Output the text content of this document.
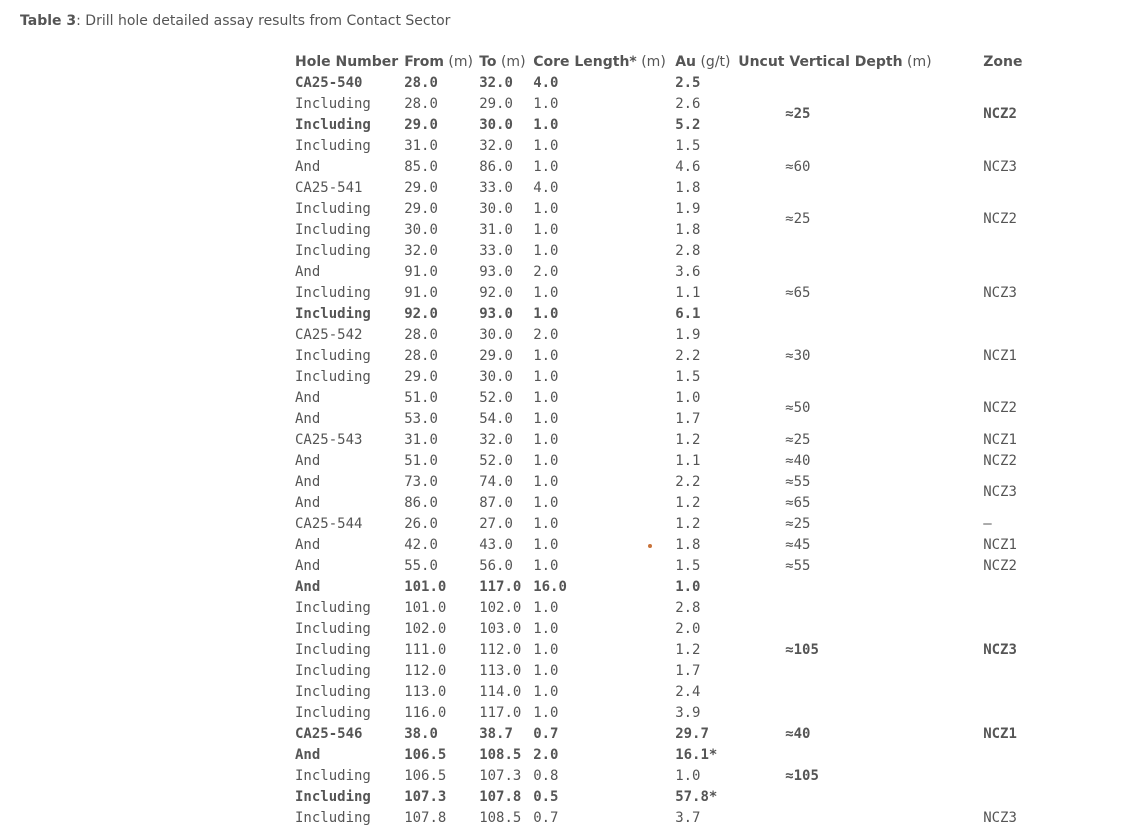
Table 3: Drill hole detailed assay results from Contact Sector
Hole Number	From (m)	To (m)	Core Length* (m)	Au (g/t)	Uncut Vertical Depth (m)	Zone
CA25-540	28.0	32.0	4.0	2.5	≈25	NCZ2
Including	28.0	29.0	1.0	2.6		
Including	29.0	30.0	1.0	5.2		
Including	31.0	32.0	1.0	1.5		
And	85.0	86.0	1.0	4.6	≈60	NCZ3
CA25-541	29.0	33.0	4.0	1.8	≈25	NCZ2
Including	29.0	30.0	1.0	1.9		
Including	30.0	31.0	1.0	1.8		
Including	32.0	33.0	1.0	2.8		
And	91.0	93.0	2.0	3.6	≈65	NCZ3
Including	91.0	92.0	1.0	1.1		
Including	92.0	93.0	1.0	6.1		
CA25-542	28.0	30.0	2.0	1.9	≈30	NCZ1
Including	28.0	29.0	1.0	2.2		
Including	29.0	30.0	1.0	1.5		
And	51.0	52.0	1.0	1.0	≈50	NCZ2
And	53.0	54.0	1.0	1.7		
CA25-543	31.0	32.0	1.0	1.2	≈25	NCZ1
And	51.0	52.0	1.0	1.1	≈40	NCZ2
And	73.0	74.0	1.0	2.2	≈55	NCZ3
And	86.0	87.0	1.0	1.2	≈65	
CA25-544	26.0	27.0	1.0	1.2	≈25	–
And	42.0	43.0	1.0	1.8	≈45	NCZ1
And	55.0	56.0	1.0	1.5	≈55	NCZ2
And	101.0	117.0	16.0	1.0	≈105	NCZ3
Including	101.0	102.0	1.0	2.8		
Including	102.0	103.0	1.0	2.0		
Including	111.0	112.0	1.0	1.2		
Including	112.0	113.0	1.0	1.7		
Including	113.0	114.0	1.0	2.4		
Including	116.0	117.0	1.0	3.9		
CA25-546	38.0	38.7	0.7	29.7	≈40	NCZ1
And	106.5	108.5	2.0	16.1*	≈105	
Including	106.5	107.3	0.8	1.0		
Including	107.3	107.8	0.5	57.8*		
Including	107.8	108.5	0.7	3.7		NCZ3
